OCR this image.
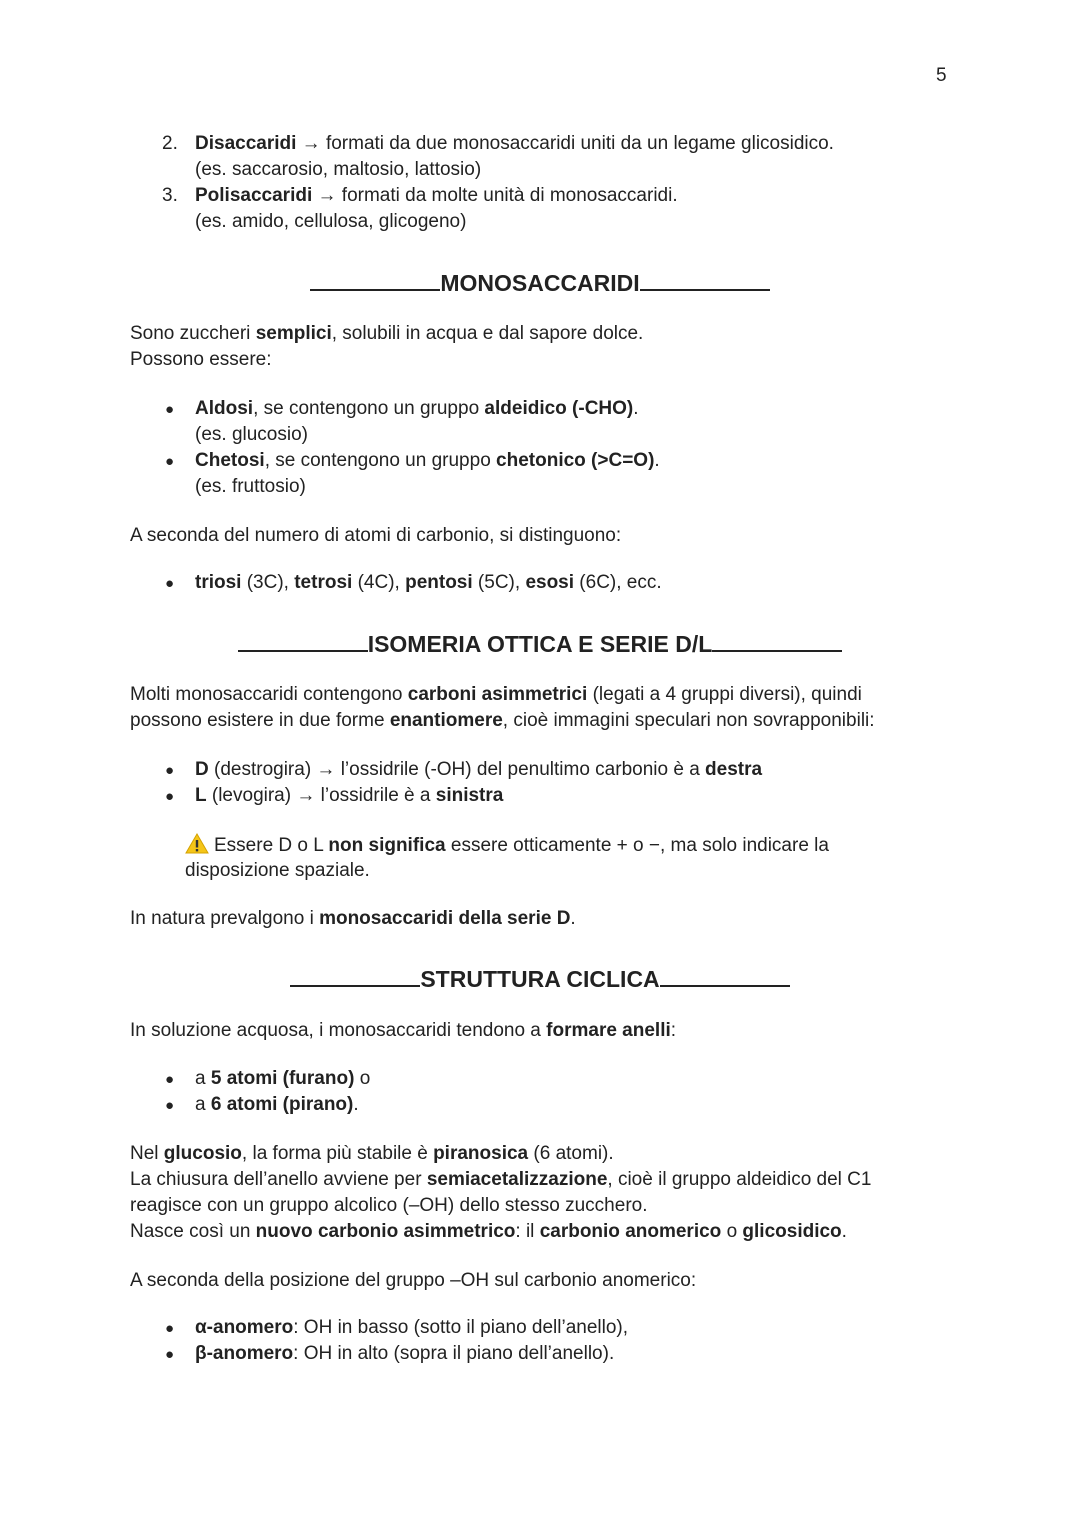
5
2. Disaccaridi → formati da due monosaccaridi uniti da un legame glicosidico.
(es. saccarosio, maltosio, lattosio)
3. Polisaccaridi → formati da molte unità di monosaccaridi.
(es. amido, cellulosa, glicogeno)
MONOSACCARIDI
Sono zuccheri semplici, solubili in acqua e dal sapore dolce.
Possono essere:
● Aldosi, se contengono un gruppo aldeidico (-CHO).
(es. glucosio)
● Chetosi, se contengono un gruppo chetonico (>C=O).
(es. fruttosio)
A seconda del numero di atomi di carbonio, si distinguono:
● triosi (3C), tetrosi (4C), pentosi (5C), esosi (6C), ecc.
ISOMERIA OTTICA E SERIE D/L
Molti monosaccaridi contengono carboni asimmetrici (legati a 4 gruppi diversi), quindi
possono esistere in due forme enantiomere, cioè immagini speculari non sovrapponibili:
● D (destrogira) → l’ossidrile (-OH) del penultimo carbonio è a destra
● L (levogira) → l’ossidrile è a sinistra
Essere D o L non significa essere otticamente + o −, ma solo indicare la
disposizione spaziale.
In natura prevalgono i monosaccaridi della serie D.
STRUTTURA CICLICA
In soluzione acquosa, i monosaccaridi tendono a formare anelli:
● a 5 atomi (furano) o
● a 6 atomi (pirano).
Nel glucosio, la forma più stabile è piranosica (6 atomi).
La chiusura dell’anello avviene per semiacetalizzazione, cioè il gruppo aldeidico del C1
reagisce con un gruppo alcolico (–OH) dello stesso zucchero.
Nasce così un nuovo carbonio asimmetrico: il carbonio anomerico o glicosidico.
A seconda della posizione del gruppo –OH sul carbonio anomerico:
● α-anomero: OH in basso (sotto il piano dell’anello),
● β-anomero: OH in alto (sopra il piano dell’anello).
